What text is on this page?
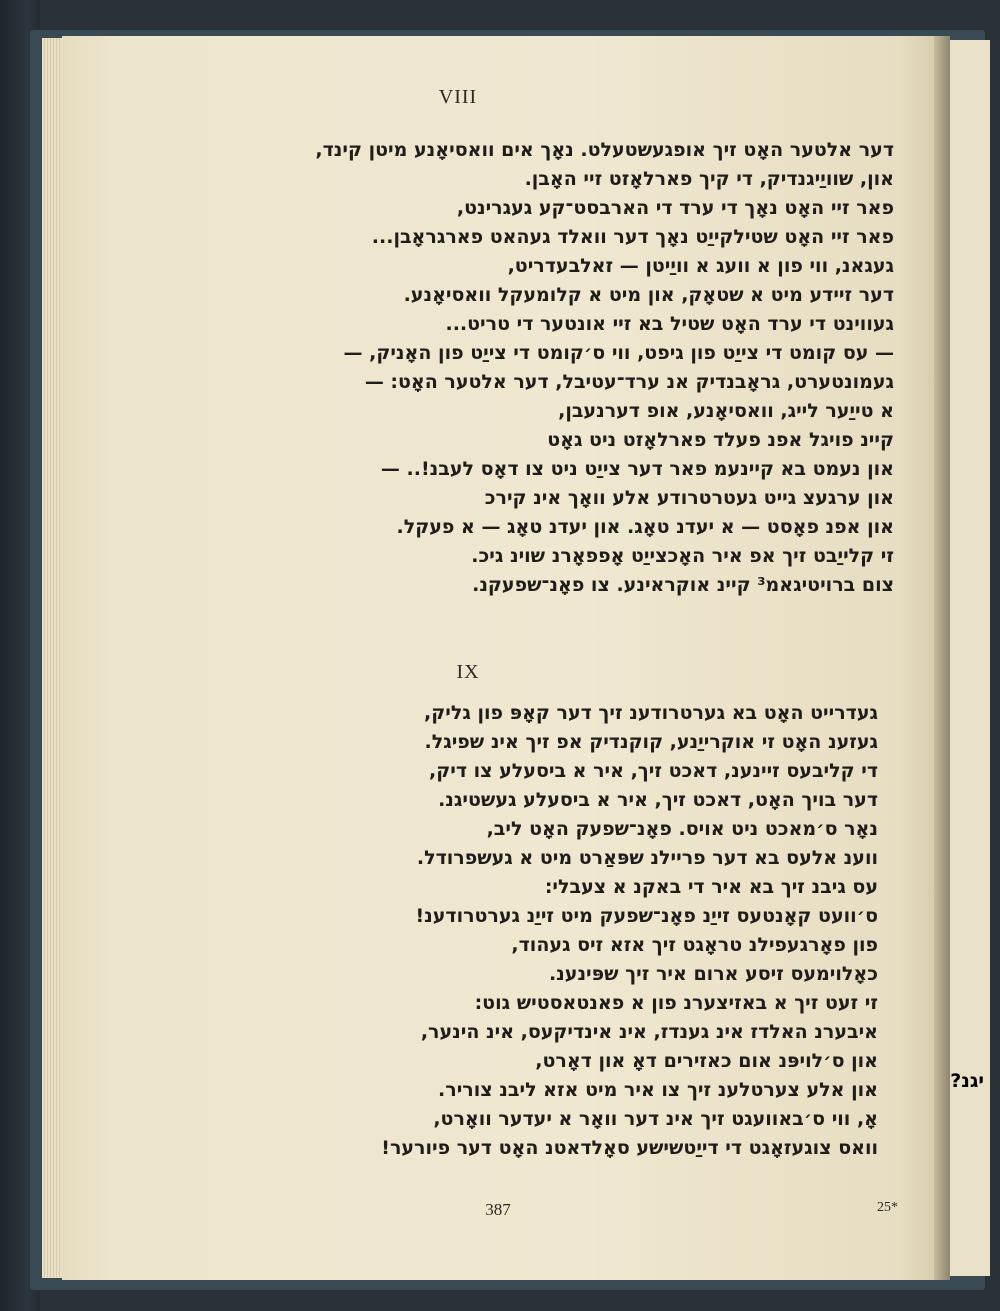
VIII
דער אלטער האָט זיך אופגעשטעלט. נאָך אים וואסיאָנע מיטן קינד,
און, שוויַיגנדיק, די קיך פארלאָזט זיי האָבן.
פאר זיי האָט נאָך די ערד די הארבסט־קע געגרינט,
פאר זיי האָט שטילקייַט נאָך דער וואלד געהאט פארגראָבן...
געגאנ, ווי פון א וועג א וויַיטן — זאלבעדריט,
דער זיידע מיט א שטאָק, און מיט א קלומעקל וואסיאָנע.
געווינט די ערד האָט שטיל בא זיי אונטער די טריט...
— עס קומט די צייַט פון גיפט, ווי ס׳קומט די צייַט פון האָניק, —
געמונטערט, גראָבנדיק אנ ערד־עטיבל, דער אלטער האָט: —
א טייַער לייג, וואסיאָנע, אופ דערנעבן,
קיינ פויגל אפנ פעלד פארלאָזט ניט גאָט
און נעמט בא קיינעמ פאר דער צייַט ניט צו דאָס לעבנ!.. —
און ערגעצ גייט געטרטרודע אלע וואָך אינ קירכ
און אפנ פאָסט — א יעדנ טאָג. און יעדנ טאָג — א פעקל.
זי קלייַבט זיך אפ איר האָכצייַט אָפפאָרנ שוינ גיכ.
צום ברויטיגאמ³ קיינ אוקראינע. צו פאָנ־שפעקנ.
IX
געדרייט האָט בא גערטרודענ זיך דער קאָפּ פון גליק,
געזענ האָט זי אוקרייַנע, קוקנדיק אפ זיך אינ שפיגל.
די קליבעס זיינענ, דאכט זיך, איר א ביסעלע צו דיק,
דער בויך האָט, דאכט זיך, איר א ביסעלע געשטיגנ.
נאָר ס׳מאכט ניט אויס. פאָנ־שפעק האָט ליב,
ווענ אלעס בא דער פריילנ שפּאַרט מיט א געשפרודל.
עס גיבנ זיך בא איר די באקנ א צעבלי:
ס׳וועט קאָנטעס זייַנ פאָנ־שפעק מיט זייַנ גערטרודענ!
פון פאָרגעפילנ טראָגט זיך אזא זיס געהוד,
כאָלוימעס זיסע ארום איר זיך שפּינענ.
זי זעט זיך א באזיצערנ פון א פאנטאסטיש גוט:
איבערנ האלדז אינ גענדז, אינ אינדיקעס, אינ הינער,
און ס׳לויפּנ אום כאזירים דאָ און דאָרט,
און אלע צערטלענ זיך צו איר מיט אזא ליבנ צוריר.
אָ, ווי ס׳באוועגט זיך אינ דער וואָר א יעדער וואָרט,
וואס צוגעזאָגט די דייַטשישע סאָלדאטנ האָט דער פיורער!
387	25*
יגנ?
